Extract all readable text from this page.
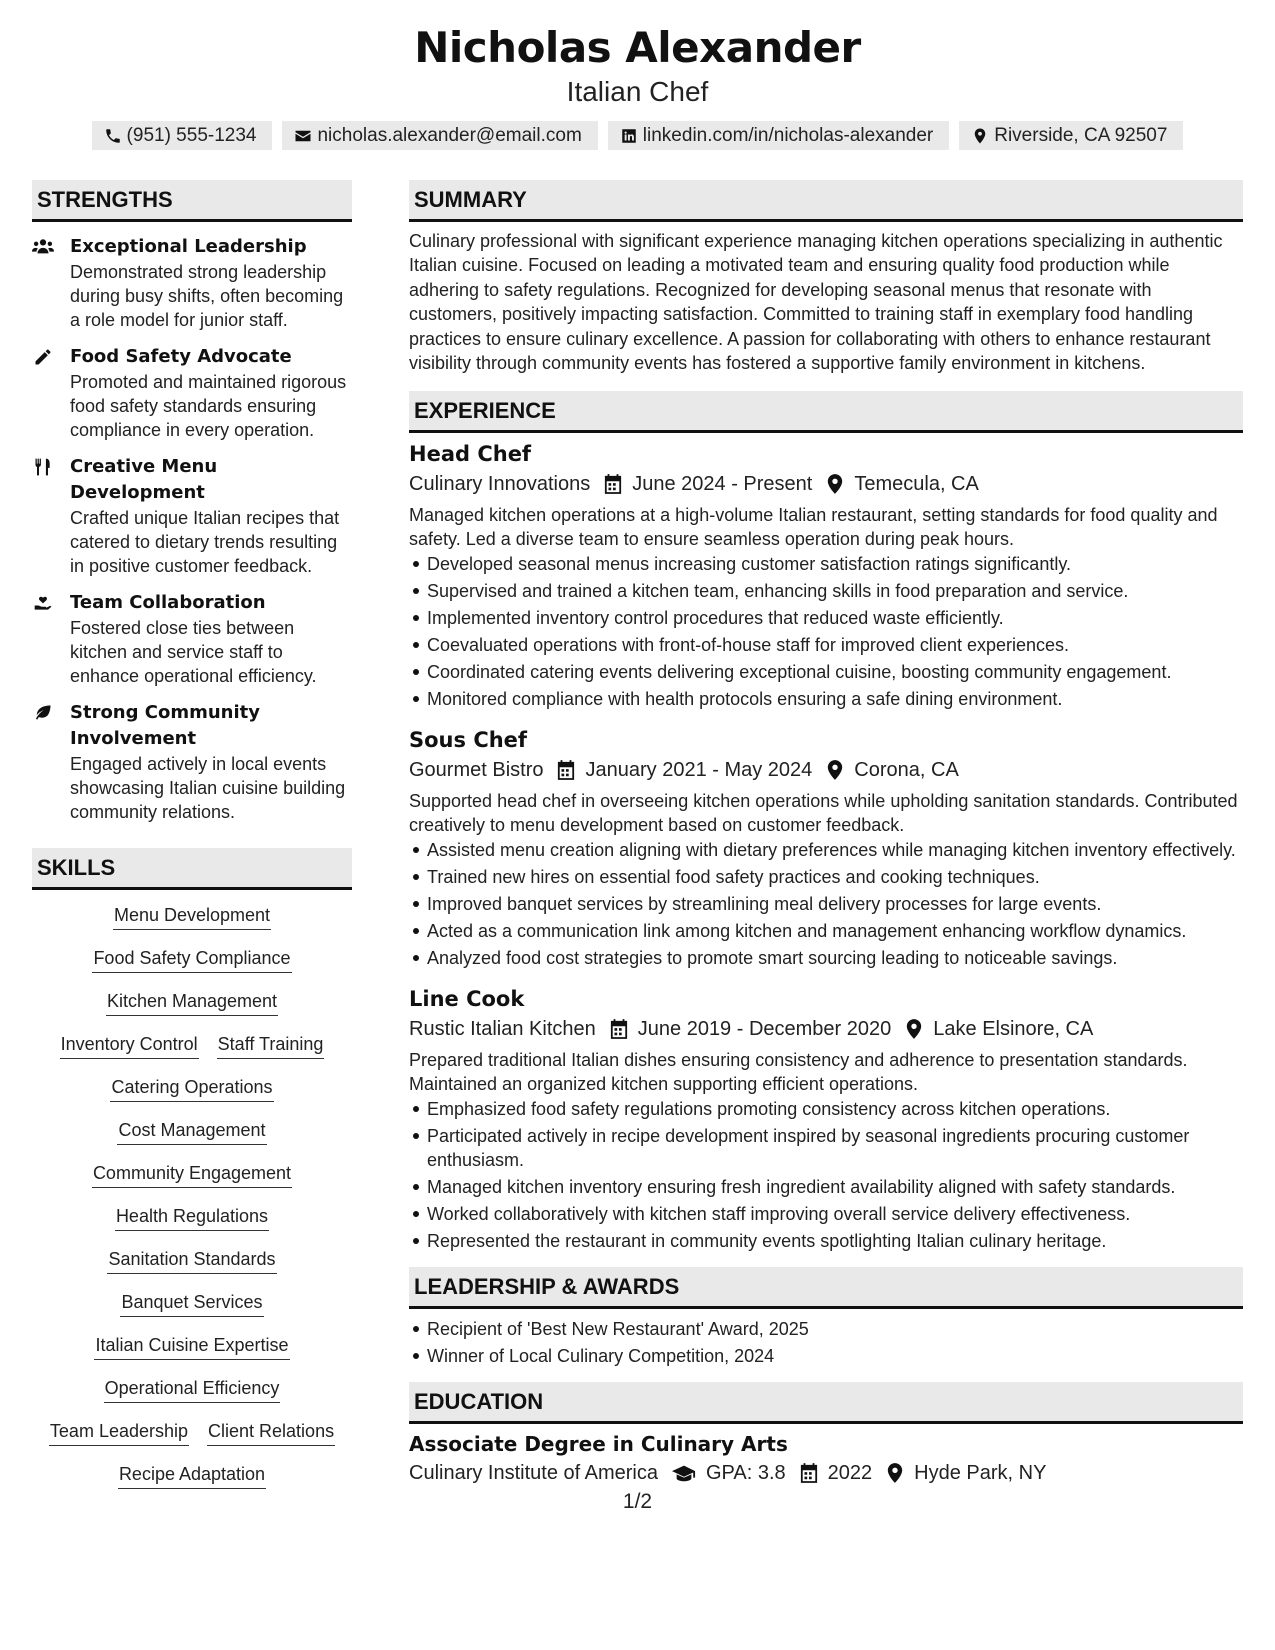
Nicholas Alexander
Italian Chef
(951) 555-1234	nicholas.alexander@email.com	linkedin.com/in/nicholas-alexander	Riverside, CA 92507
STRENGTHS
Exceptional Leadership
Demonstrated strong leadership during busy shifts, often becoming a role model for junior staff.
Food Safety Advocate
Promoted and maintained rigorous food safety standards ensuring compliance in every operation.
Creative Menu Development
Crafted unique Italian recipes that catered to dietary trends resulting in positive customer feedback.
Team Collaboration
Fostered close ties between kitchen and service staff to enhance operational efficiency.
Strong Community Involvement
Engaged actively in local events showcasing Italian cuisine building community relations.
SKILLS
Menu Development
Food Safety Compliance
Kitchen Management
Inventory Control Staff Training
Catering Operations
Cost Management
Community Engagement
Health Regulations
Sanitation Standards
Banquet Services
Italian Cuisine Expertise
Operational Efficiency
Team Leadership Client Relations
Recipe Adaptation
SUMMARY

Culinary professional with significant experience managing kitchen operations specializing in authentic Italian cuisine. Focused on leading a motivated team and ensuring quality food production while adhering to safety regulations. Recognized for developing seasonal menus that resonate with customers, positively impacting satisfaction. Committed to training staff in exemplary food handling practices to ensure culinary excellence. A passion for collaborating with others to enhance restaurant visibility through community events has fostered a supportive family environment in kitchens.

EXPERIENCE
Head Chef
Culinary Innovations June 2024 - Present Temecula, CA

Managed kitchen operations at a high-volume Italian restaurant, setting standards for food quality and safety. Led a diverse team to ensure seamless operation during peak hours.

Developed seasonal menus increasing customer satisfaction ratings significantly.
Supervised and trained a kitchen team, enhancing skills in food preparation and service.
Implemented inventory control procedures that reduced waste efficiently.
Coevaluated operations with front-of-house staff for improved client experiences.
Coordinated catering events delivering exceptional cuisine, boosting community engagement.
Monitored compliance with health protocols ensuring a safe dining environment.
Sous Chef
Gourmet Bistro January 2021 - May 2024 Corona, CA

Supported head chef in overseeing kitchen operations while upholding sanitation standards. Contributed creatively to menu development based on customer feedback.

Assisted menu creation aligning with dietary preferences while managing kitchen inventory effectively.
Trained new hires on essential food safety practices and cooking techniques.
Improved banquet services by streamlining meal delivery processes for large events.
Acted as a communication link among kitchen and management enhancing workflow dynamics.
Analyzed food cost strategies to promote smart sourcing leading to noticeable savings.
Line Cook
Rustic Italian Kitchen June 2019 - December 2020 Lake Elsinore, CA

Prepared traditional Italian dishes ensuring consistency and adherence to presentation standards. Maintained an organized kitchen supporting efficient operations.

Emphasized food safety regulations promoting consistency across kitchen operations.
Participated actively in recipe development inspired by seasonal ingredients procuring customer enthusiasm.
Managed kitchen inventory ensuring fresh ingredient availability aligned with safety standards.
Worked collaboratively with kitchen staff improving overall service delivery effectiveness.
Represented the restaurant in community events spotlighting Italian culinary heritage.
LEADERSHIP & AWARDS
Recipient of 'Best New Restaurant' Award, 2025
Winner of Local Culinary Competition, 2024
EDUCATION
Associate Degree in Culinary Arts
Culinary Institute of America GPA: 3.8 2022 Hyde Park, NY
1/2
